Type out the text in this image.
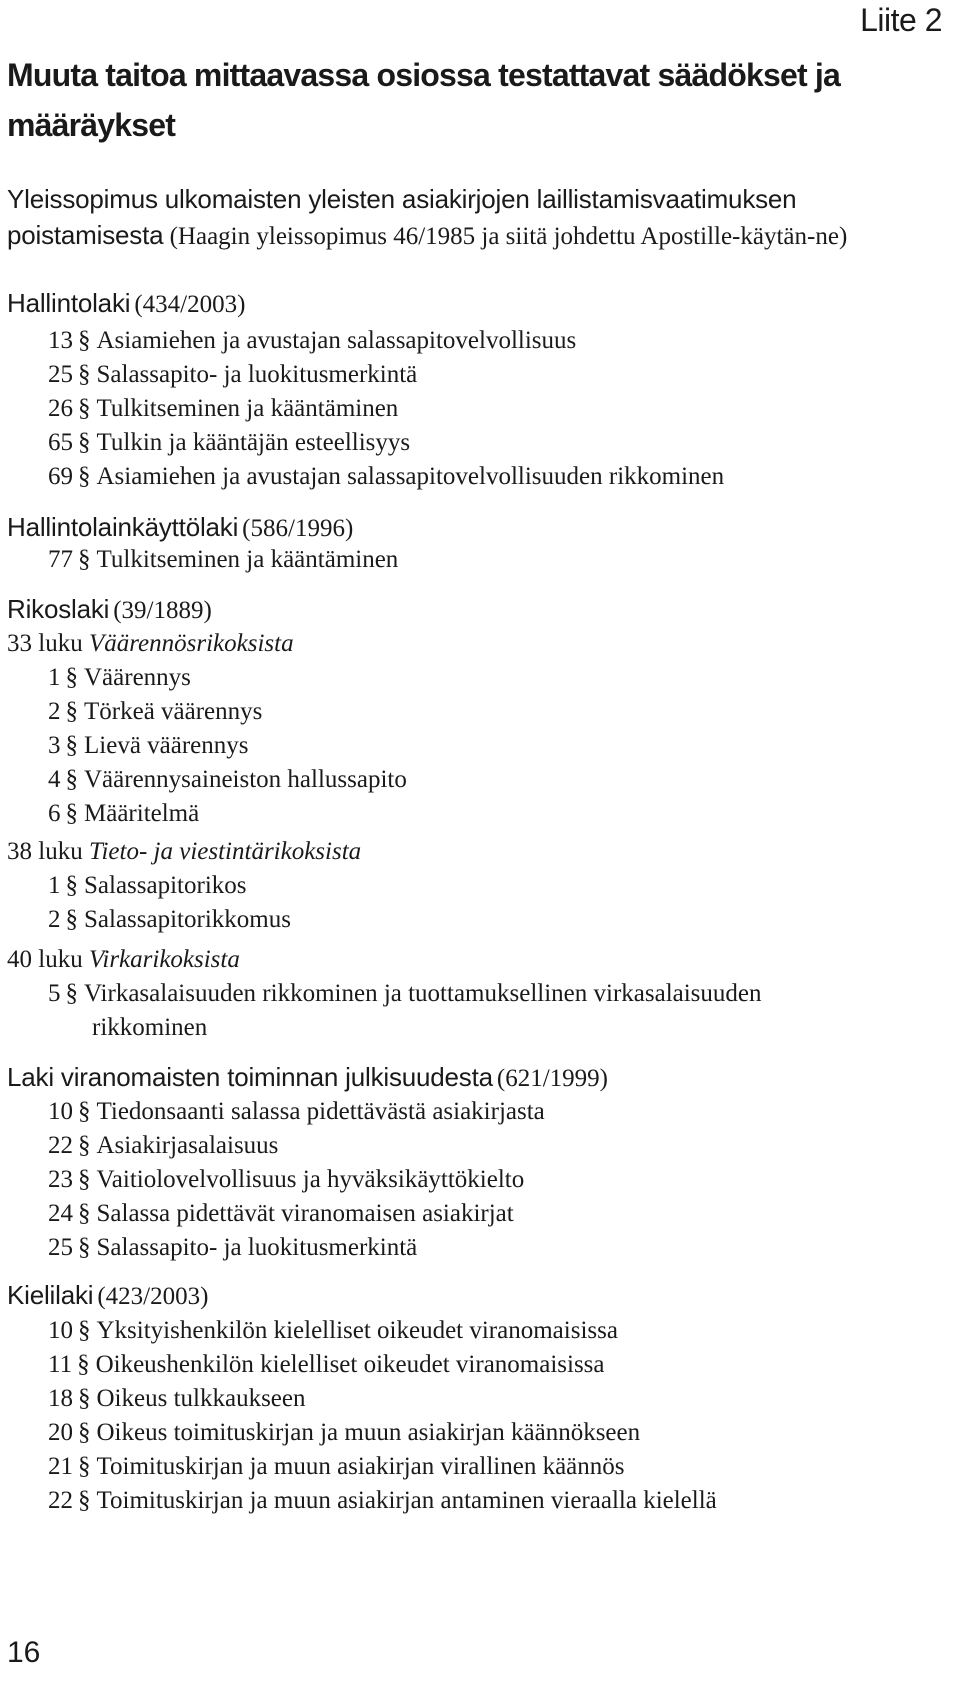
Liite 2
Muuta taitoa mittaavassa osiossa testattavat säädökset ja määräykset

Yleissopimus ulkomaisten yleisten asiakirjojen laillistamisvaatimuksen poistamisesta (Haagin yleissopimus 46/1985 ja siitä johdettu Apostille-käytän-ne)

Hallintolaki (434/2003)
13 § Asiamiehen ja avustajan salassapitovelvollisuus
25 § Salassapito- ja luokitusmerkintä
26 § Tulkitseminen ja kääntäminen
65 § Tulkin ja kääntäjän esteellisyys
69 § Asiamiehen ja avustajan salassapitovelvollisuuden rikkominen
Hallintolainkäyttölaki (586/1996)
77 § Tulkitseminen ja kääntäminen
Rikoslaki (39/1889)
33 luku Väärennösrikoksista
1 § Väärennys
2 § Törkeä väärennys
3 § Lievä väärennys
4 § Väärennysaineiston hallussapito
6 § Määritelmä
38 luku Tieto- ja viestintärikoksista
1 § Salassapitorikos
2 § Salassapitorikkomus
40 luku Virkarikoksista
5 § Virkasalaisuuden rikkominen ja tuottamuksellinen virkasalaisuuden
rikkominen
Laki viranomaisten toiminnan julkisuudesta (621/1999)
10 § Tiedonsaanti salassa pidettävästä asiakirjasta
22 § Asiakirjasalaisuus
23 § Vaitiolovelvollisuus ja hyväksikäyttökielto
24 § Salassa pidettävät viranomaisen asiakirjat
25 § Salassapito- ja luokitusmerkintä
Kielilaki (423/2003)
10 § Yksityishenkilön kielelliset oikeudet viranomaisissa
11 § Oikeushenkilön kielelliset oikeudet viranomaisissa
18 § Oikeus tulkkaukseen
20 § Oikeus toimituskirjan ja muun asiakirjan käännökseen
21 § Toimituskirjan ja muun asiakirjan virallinen käännös
22 § Toimituskirjan ja muun asiakirjan antaminen vieraalla kielellä
16
